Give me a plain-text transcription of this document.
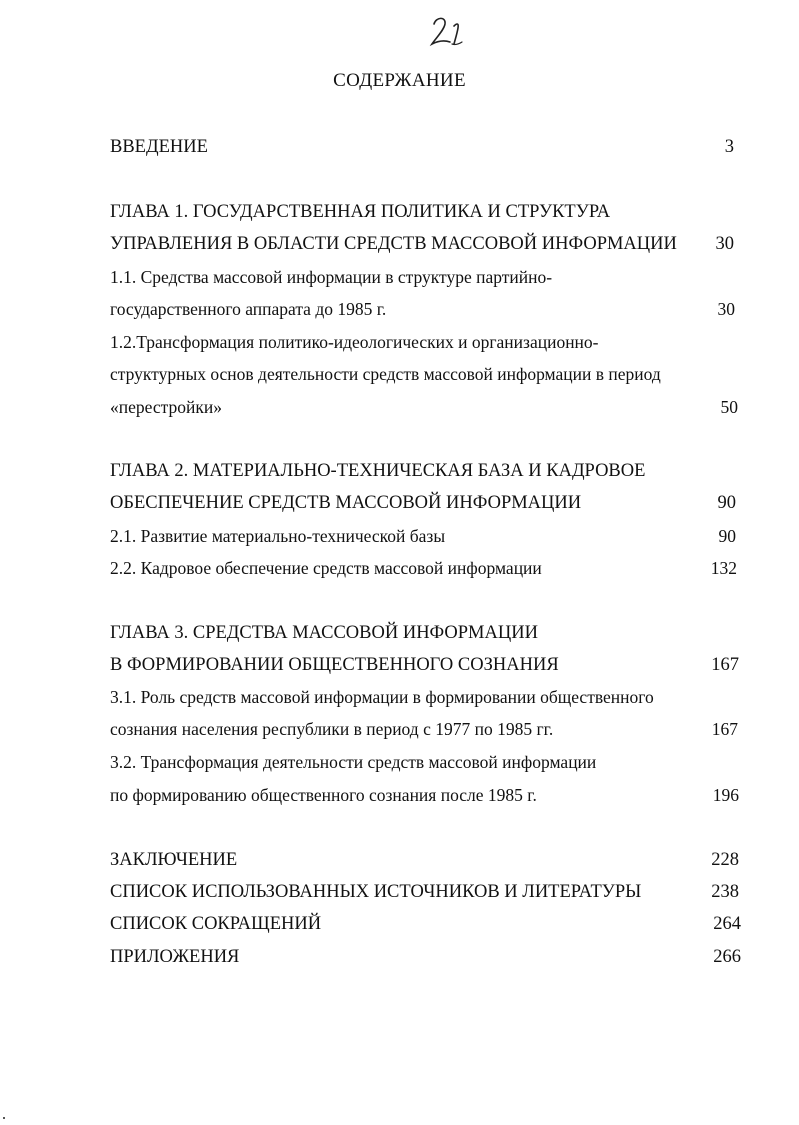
СОДЕРЖАНИЕ
ВВЕДЕНИЕ	3
ГЛАВА 1. ГОСУДАРСТВЕННАЯ ПОЛИТИКА И СТРУКТУРА
УПРАВЛЕНИЯ В ОБЛАСТИ СРЕДСТВ МАССОВОЙ ИНФОРМАЦИИ 30
1.1. Средства массовой информации в структуре партийно-
государственного аппарата до 1985 г.	30
1.2.Трансформация политико-идеологических и организационно-
структурных основ деятельности средств массовой информации в период
«перестройки»	50
ГЛАВА 2. МАТЕРИАЛЬНО-ТЕХНИЧЕСКАЯ БАЗА И КАДРОВОЕ
ОБЕСПЕЧЕНИЕ СРЕДСТВ МАССОВОЙ ИНФОРМАЦИИ	90
2.1. Развитие материально-технической базы	90
2.2. Кадровое обеспечение средств массовой информации	132
ГЛАВА 3. СРЕДСТВА МАССОВОЙ ИНФОРМАЦИИ
В ФОРМИРОВАНИИ ОБЩЕСТВЕННОГО СОЗНАНИЯ	167
3.1. Роль средств массовой информации в формировании общественного
сознания населения республики в период с 1977 по 1985 гг.	167
3.2. Трансформация деятельности средств массовой информации
по формированию общественного сознания после 1985 г.	196
ЗАКЛЮЧЕНИЕ	228
СПИСОК ИСПОЛЬЗОВАННЫХ ИСТОЧНИКОВ И ЛИТЕРАТУРЫ	238
СПИСОК СОКРАЩЕНИЙ	264
ПРИЛОЖЕНИЯ	266
